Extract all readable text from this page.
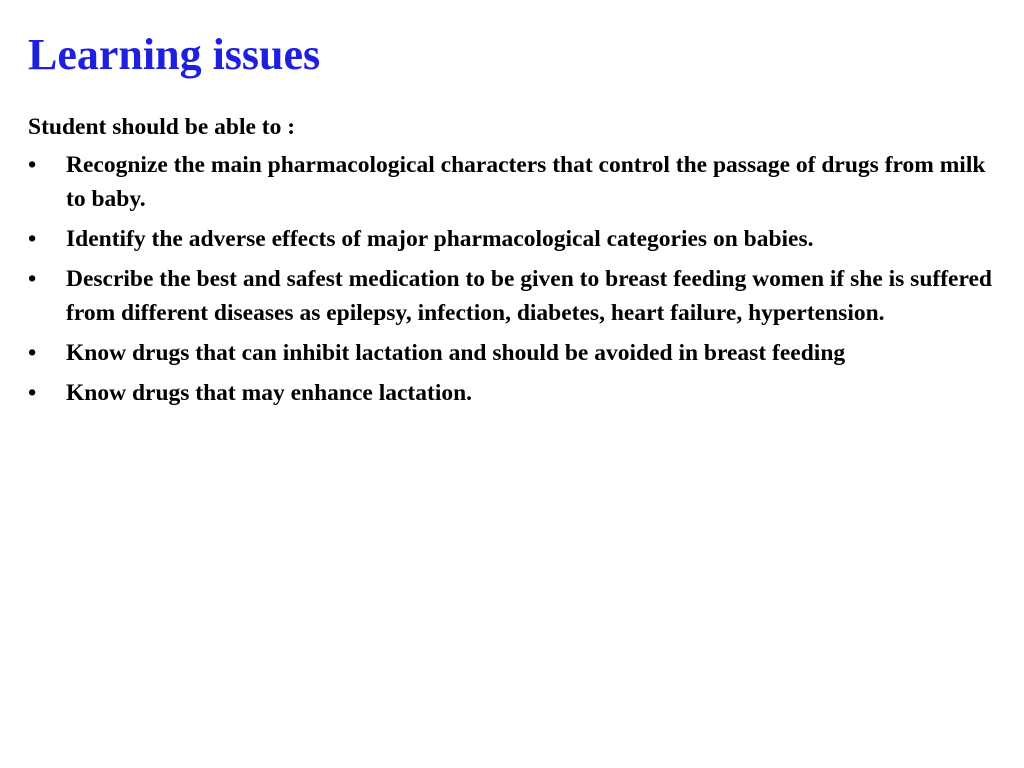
Learning issues

Student should be able to :

•	Recognize the main pharmacological characters that control the passage of drugs from milk to baby.
•	Identify the adverse effects of major pharmacological categories on babies.
•	Describe the best and safest medication to be given to breast feeding women if she is suffered from different diseases as epilepsy, infection, diabetes, heart failure, hypertension.
•	Know drugs that can inhibit lactation and should be avoided in breast feeding
•	Know drugs that may enhance lactation.
